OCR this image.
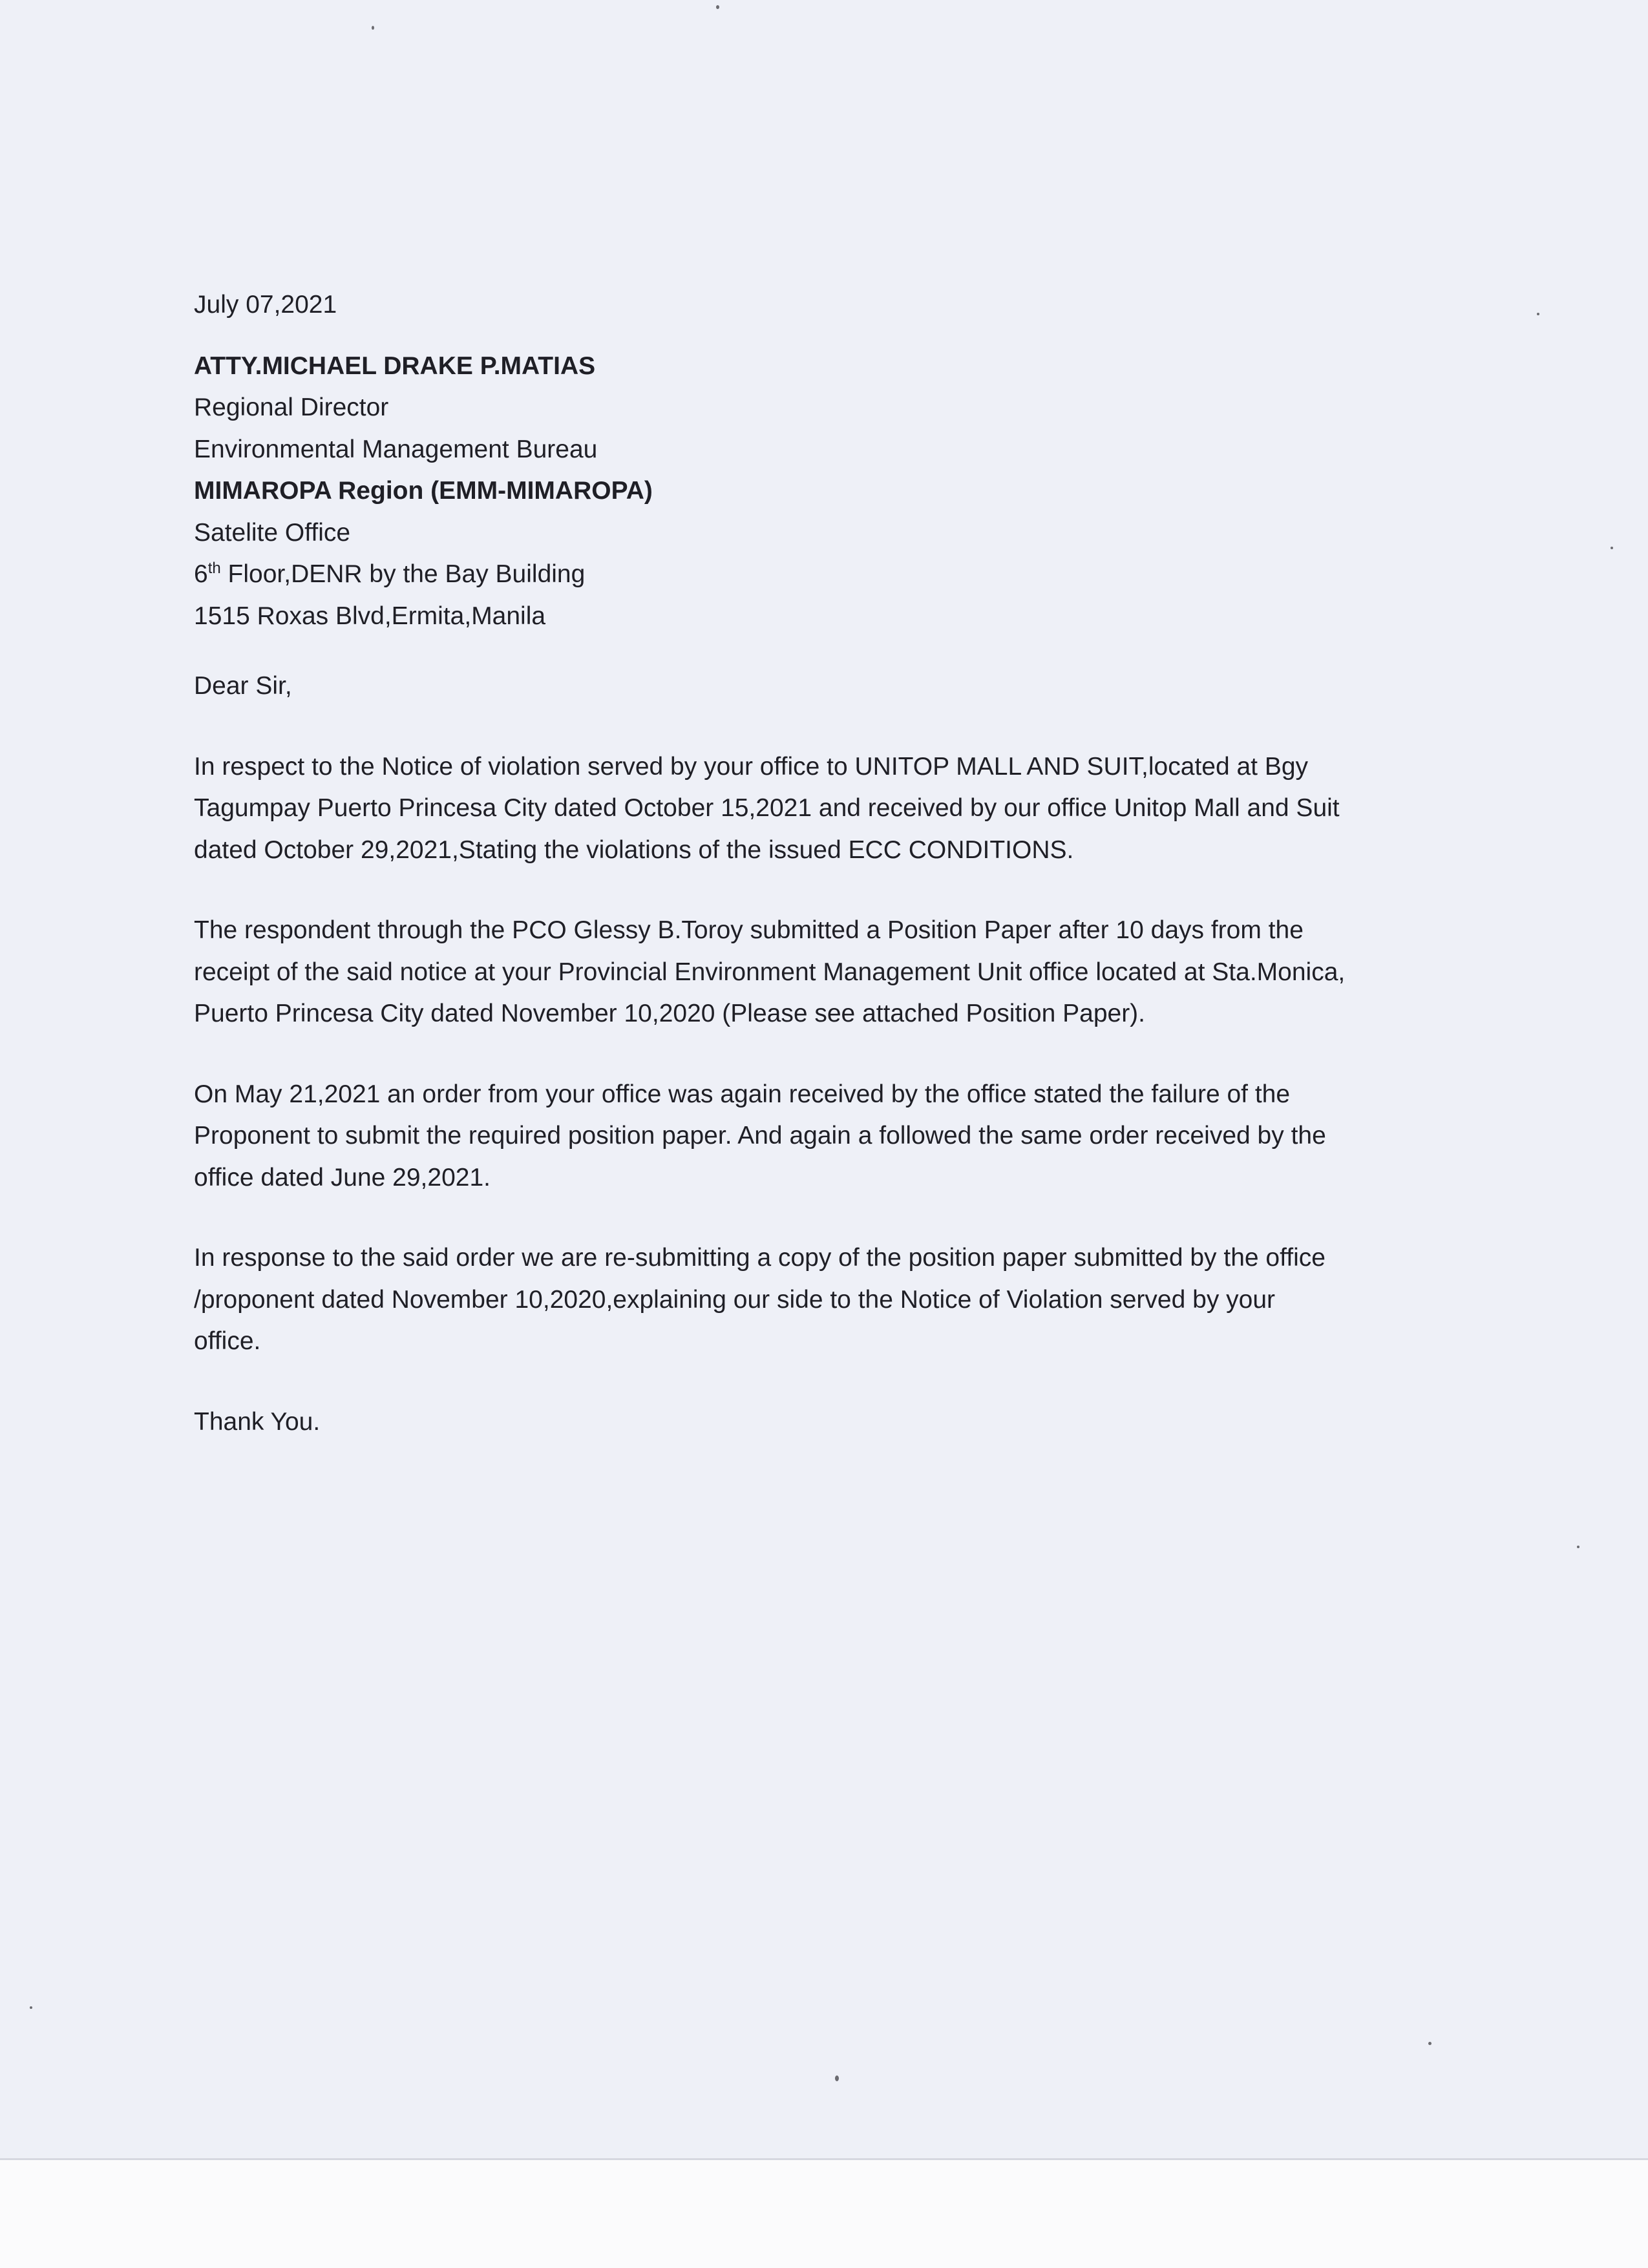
July 07,2021
ATTY.MICHAEL DRAKE P.MATIAS
Regional Director
Environmental Management Bureau
MIMAROPA Region (EMM-MIMAROPA)
Satelite Office
6th Floor,DENR by the Bay Building
1515 Roxas Blvd,Ermita,Manila
Dear Sir,
In respect to the Notice of violation served by your office to UNITOP MALL AND SUIT,located at Bgy
Tagumpay Puerto Princesa City dated October 15,2021 and received by our office Unitop Mall and Suit
dated October 29,2021,Stating the violations of the issued ECC CONDITIONS.
The respondent through the PCO Glessy B.Toroy submitted a Position Paper after 10 days from the
receipt of the said notice at your Provincial Environment Management Unit office located at Sta.Monica,
Puerto Princesa City dated November 10,2020 (Please see attached Position Paper).
On May 21,2021 an order from your office was again received by the office stated the failure of the
Proponent to submit the required position paper. And again a followed the same order received by the
office dated June 29,2021.
In response to the said order we are re-submitting a copy of the position paper submitted by the office
/proponent dated November 10,2020,explaining our side to the Notice of Violation served by your
office.
Thank You.
